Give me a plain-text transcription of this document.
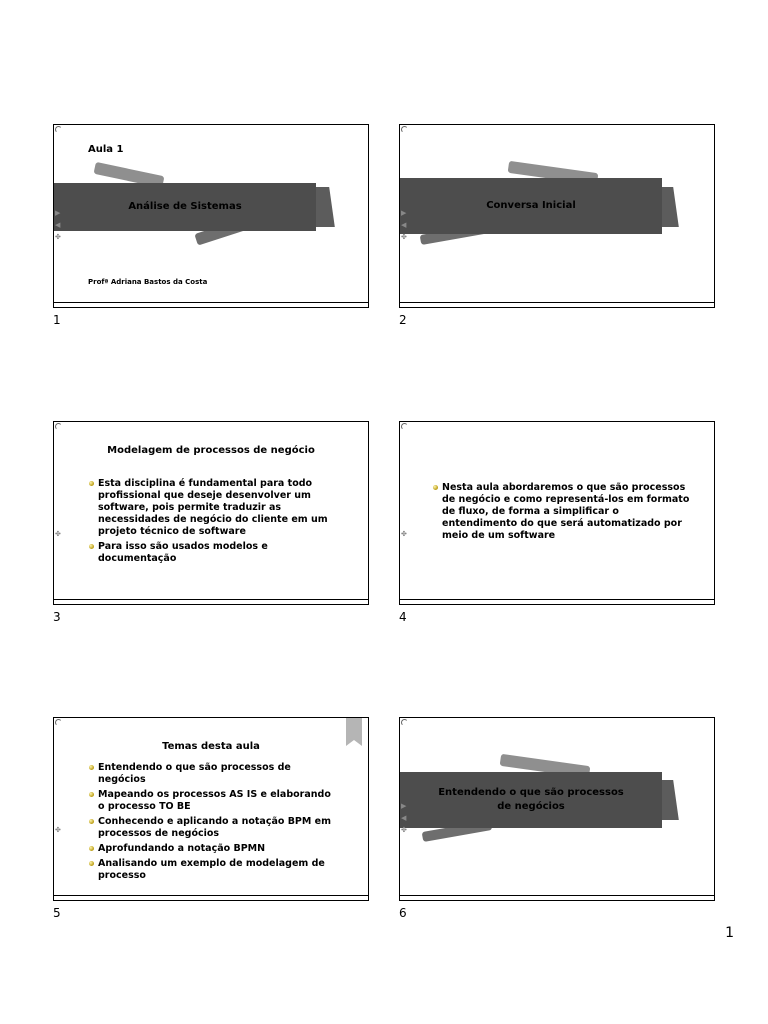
Análise de Sistemas
▶
◀
✤
Aula 1
Profª Adriana Bastos da Costa
1
Conversa Inicial
▶
◀
✤
2
Modelagem de processos de negócio
Esta disciplina é fundamental para todo profissional que deseje desenvolver um software, pois permite traduzir as necessidades de negócio do cliente em um projeto técnico de software
Para isso são usados modelos e documentação
✤
3
Nesta aula abordaremos o que são processos de negócio e como representá-los em formato de fluxo, de forma a simplificar o entendimento do que será automatizado por meio de um software
✤
4
Temas desta aula
Entendendo o que são processos de negócios
Mapeando os processos AS IS e elaborando o processo TO BE
Conhecendo e aplicando a notação BPM em processos de negócios
Aprofundando a notação BPMN
Analisando um exemplo de modelagem de processo
✤
5
Entendendo o que são processos de negócios
▶
◀
✤
6
1
